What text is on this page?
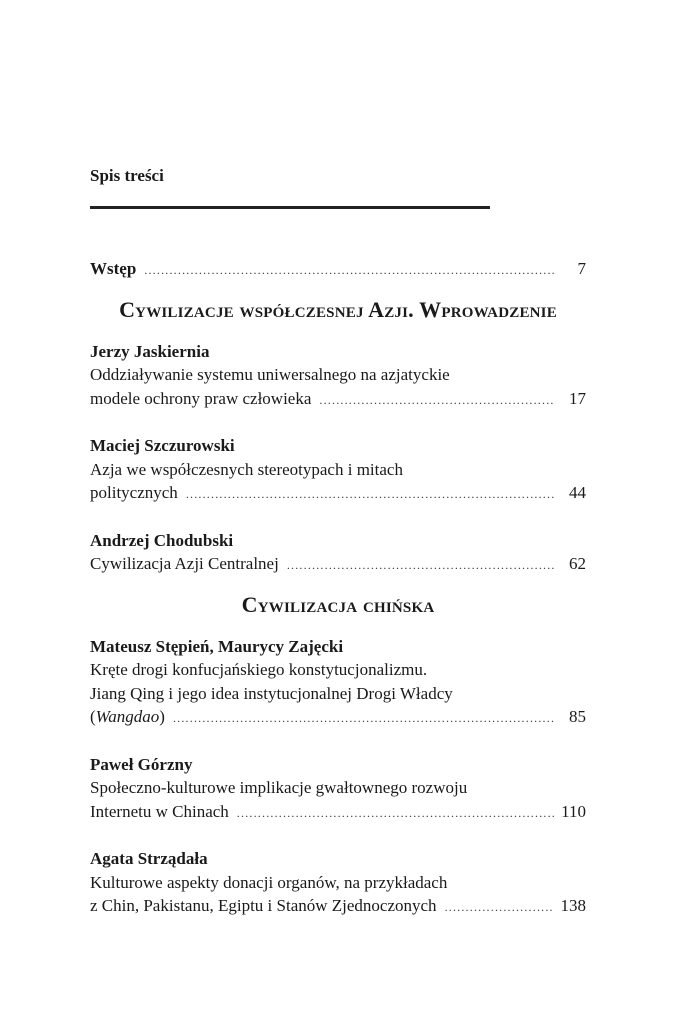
Spis treści
Wstęp .....	7
Cywilizacje współczesnej Azji. Wprowadzenie
Jerzy Jaskiernia
Oddziaływanie systemu uniwersalnego na azjatyckie
modele ochrony praw człowieka .....	17
Maciej Szczurowski
Azja we współczesnych stereotypach i mitach
politycznych .....	44
Andrzej Chodubski
Cywilizacja Azji Centralnej .....	62
Cywilizacja chińska
Mateusz Stępień, Maurycy Zajęcki
Kręte drogi konfucjańskiego konstytucjonalizmu.
Jiang Qing i jego idea instytucjonalnej Drogi Władcy
(Wangdao) .....	85
Paweł Górzny
Społeczno-kulturowe implikacje gwałtownego rozwoju
Internetu w Chinach .....	110
Agata Strządała
Kulturowe aspekty donacji organów, na przykładach
z Chin, Pakistanu, Egiptu i Stanów Zjednoczonych .....	138
